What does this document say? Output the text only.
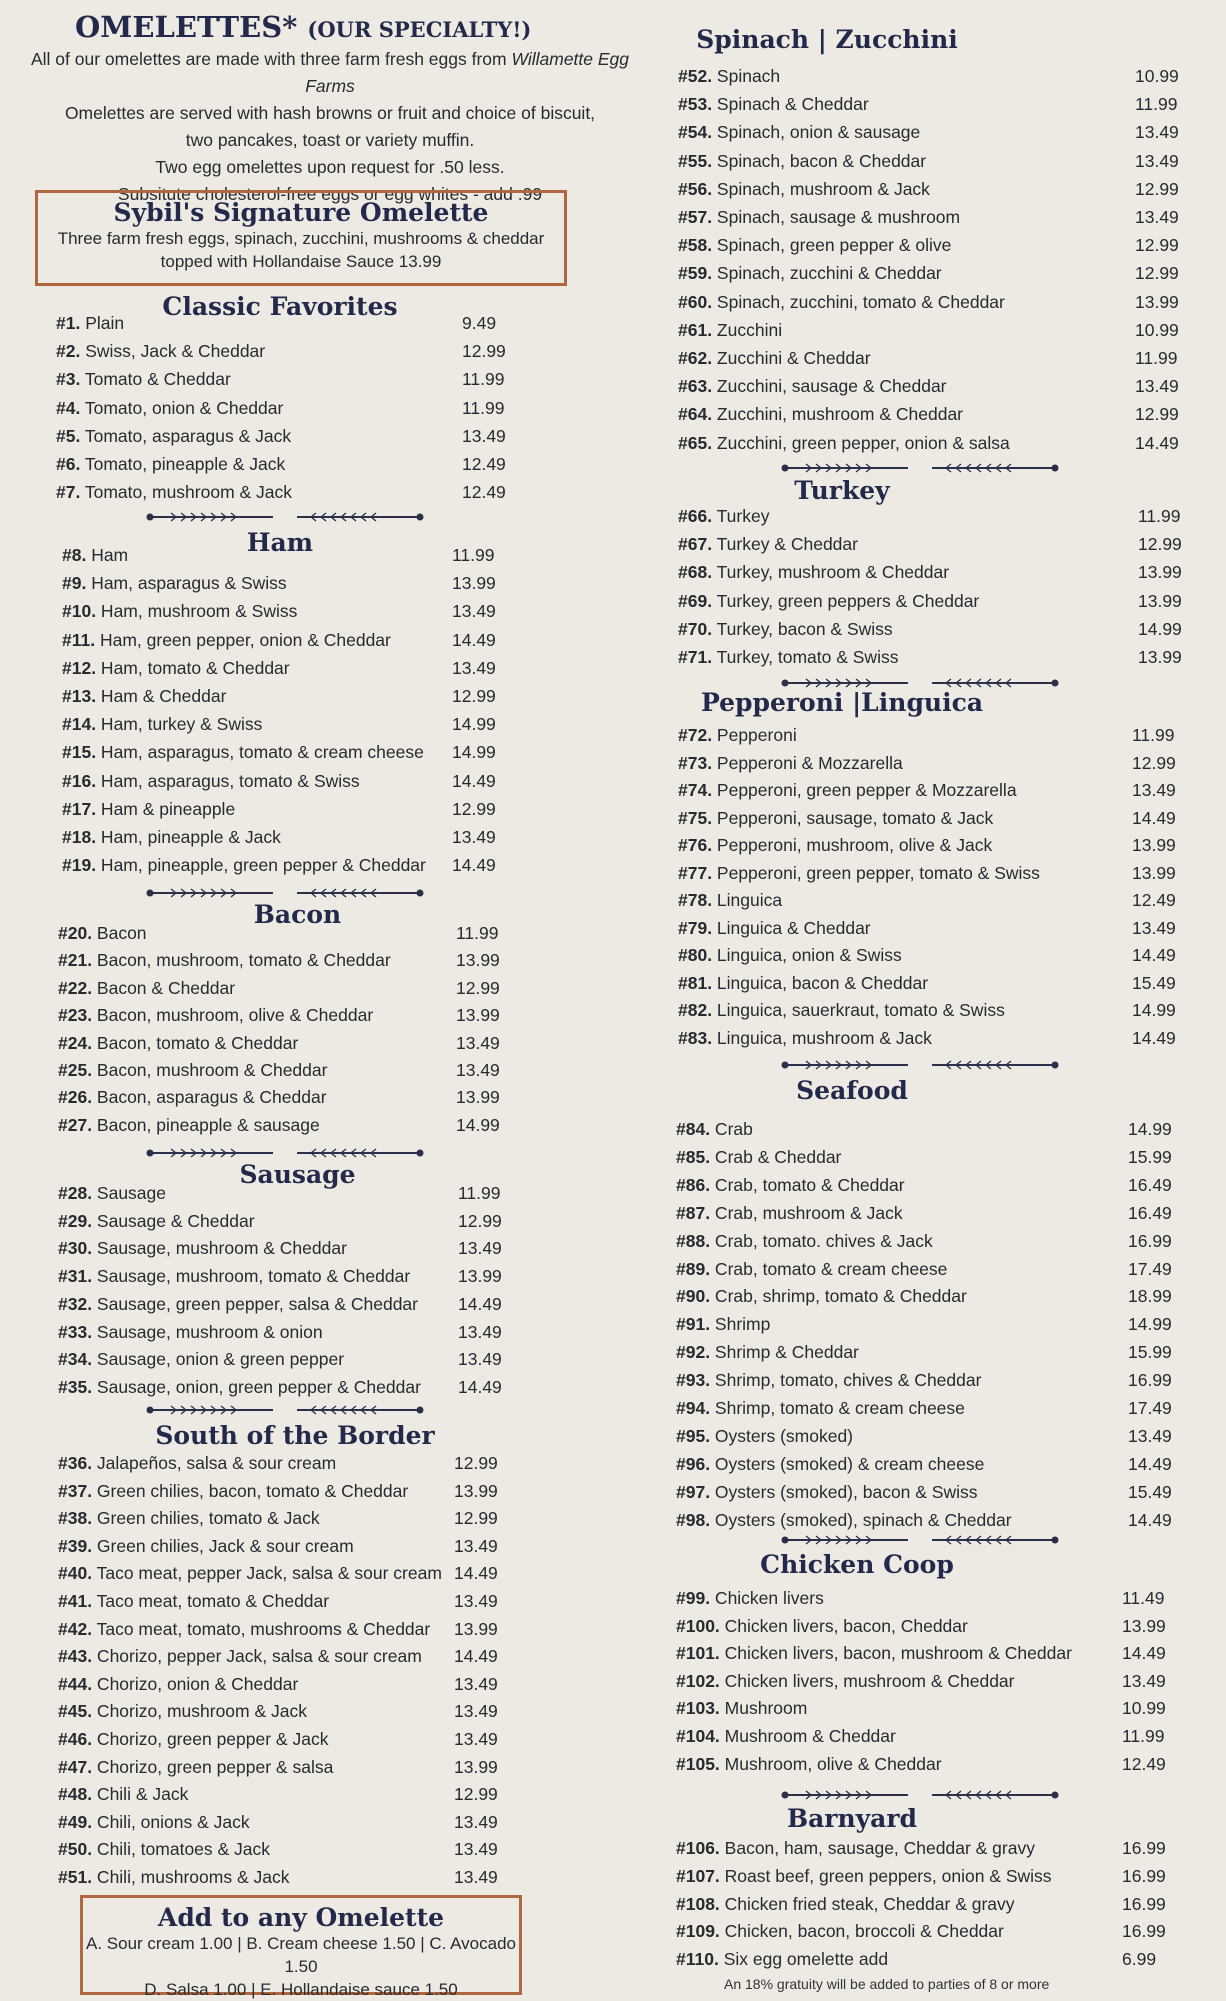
OMELETTES* (OUR SPECIALTY!)
All of our omelettes are made with three farm fresh eggs from Willamette Egg Farms
Omelettes are served with hash browns or fruit and choice of biscuit,
two pancakes, toast or variety muffin.
Two egg omelettes upon request for .50 less.
Subsitute cholesterol-free eggs or egg whites - add .99
Sybil's Signature Omelette
Three farm fresh eggs, spinach, zucchini, mushrooms & cheddar
topped with Hollandaise Sauce 13.99
Add to any Omelette
A. Sour cream 1.00 | B. Cream cheese 1.50 | C. Avocado 1.50
D. Salsa 1.00 | E. Hollandaise sauce 1.50
Classic Favorites
#1. Plain	9.49
#2. Swiss, Jack & Cheddar	12.99
#3. Tomato & Cheddar	11.99
#4. Tomato, onion & Cheddar	11.99
#5. Tomato, asparagus & Jack	13.49
#6. Tomato, pineapple & Jack	12.49
#7. Tomato, mushroom & Jack	12.49
Ham
#8. Ham	11.99
#9. Ham, asparagus & Swiss	13.99
#10. Ham, mushroom & Swiss	13.49
#11. Ham, green pepper, onion & Cheddar	14.49
#12. Ham, tomato & Cheddar	13.49
#13. Ham & Cheddar	12.99
#14. Ham, turkey & Swiss	14.99
#15. Ham, asparagus, tomato & cream cheese 14.99
#16. Ham, asparagus, tomato & Swiss	14.49
#17. Ham & pineapple	12.99
#18. Ham, pineapple & Jack	13.49
#19. Ham, pineapple, green pepper & Cheddar 14.49
Bacon
#20. Bacon	11.99
#21. Bacon, mushroom, tomato & Cheddar	13.99
#22. Bacon & Cheddar	12.99
#23. Bacon, mushroom, olive & Cheddar	13.99
#24. Bacon, tomato & Cheddar	13.49
#25. Bacon, mushroom & Cheddar	13.49
#26. Bacon, asparagus & Cheddar	13.99
#27. Bacon, pineapple & sausage	14.99
Sausage
#28. Sausage	11.99
#29. Sausage & Cheddar	12.99
#30. Sausage, mushroom & Cheddar	13.49
#31. Sausage, mushroom, tomato & Cheddar	13.99
#32. Sausage, green pepper, salsa & Cheddar 14.49
#33. Sausage, mushroom & onion	13.49
#34. Sausage, onion & green pepper	13.49
#35. Sausage, onion, green pepper & Cheddar 14.49
South of the Border
#36. Jalapeños, salsa & sour cream	12.99
#37. Green chilies, bacon, tomato & Cheddar	13.99
#38. Green chilies, tomato & Jack	12.99
#39. Green chilies, Jack & sour cream	13.49
#40. Taco meat, pepper Jack, salsa & sour cream 14.49
#41. Taco meat, tomato & Cheddar	13.49
#42. Taco meat, tomato, mushrooms & Cheddar 13.99
#43. Chorizo, pepper Jack, salsa & sour cream 14.49
#44. Chorizo, onion & Cheddar	13.49
#45. Chorizo, mushroom & Jack	13.49
#46. Chorizo, green pepper & Jack	13.49
#47. Chorizo, green pepper & salsa	13.99
#48. Chili & Jack	12.99
#49. Chili, onions & Jack	13.49
#50. Chili, tomatoes & Jack	13.49
#51. Chili, mushrooms & Jack	13.49
An 18% gratuity will be added to parties of 8 or more
Spinach | Zucchini
#52. Spinach	10.99
#53. Spinach & Cheddar	11.99
#54. Spinach, onion & sausage	13.49
#55. Spinach, bacon & Cheddar	13.49
#56. Spinach, mushroom & Jack	12.99
#57. Spinach, sausage & mushroom	13.49
#58. Spinach, green pepper & olive	12.99
#59. Spinach, zucchini & Cheddar	12.99
#60. Spinach, zucchini, tomato & Cheddar	13.99
#61. Zucchini	10.99
#62. Zucchini & Cheddar	11.99
#63. Zucchini, sausage & Cheddar	13.49
#64. Zucchini, mushroom & Cheddar	12.99
#65. Zucchini, green pepper, onion & salsa	14.49
Turkey
#66. Turkey	11.99
#67. Turkey & Cheddar	12.99
#68. Turkey, mushroom & Cheddar	13.99
#69. Turkey, green peppers & Cheddar	13.99
#70. Turkey, bacon & Swiss	14.99
#71. Turkey, tomato & Swiss	13.99
Pepperoni |Linguica
#72. Pepperoni	11.99
#73. Pepperoni & Mozzarella	12.99
#74. Pepperoni, green pepper & Mozzarella	13.49
#75. Pepperoni, sausage, tomato & Jack	14.49
#76. Pepperoni, mushroom, olive & Jack	13.99
#77. Pepperoni, green pepper, tomato & Swiss	13.99
#78. Linguica	12.49
#79. Linguica & Cheddar	13.49
#80. Linguica, onion & Swiss	14.49
#81. Linguica, bacon & Cheddar	15.49
#82. Linguica, sauerkraut, tomato & Swiss	14.99
#83. Linguica, mushroom & Jack	14.49
Seafood
#84. Crab	14.99
#85. Crab & Cheddar	15.99
#86. Crab, tomato & Cheddar	16.49
#87. Crab, mushroom & Jack	16.49
#88. Crab, tomato. chives & Jack	16.99
#89. Crab, tomato & cream cheese	17.49
#90. Crab, shrimp, tomato & Cheddar	18.99
#91. Shrimp	14.99
#92. Shrimp & Cheddar	15.99
#93. Shrimp, tomato, chives & Cheddar	16.99
#94. Shrimp, tomato & cream cheese	17.49
#95. Oysters (smoked)	13.49
#96. Oysters (smoked) & cream cheese	14.49
#97. Oysters (smoked), bacon & Swiss	15.49
#98. Oysters (smoked), spinach & Cheddar	14.49
Chicken Coop
#99. Chicken livers	11.49
#100. Chicken livers, bacon, Cheddar	13.99
#101. Chicken livers, bacon, mushroom & Cheddar	14.49
#102. Chicken livers, mushroom & Cheddar	13.49
#103. Mushroom	10.99
#104. Mushroom & Cheddar	11.99
#105. Mushroom, olive & Cheddar	12.49
Barnyard
#106. Bacon, ham, sausage, Cheddar & gravy	16.99
#107. Roast beef, green peppers, onion & Swiss	16.99
#108. Chicken fried steak, Cheddar & gravy	16.99
#109. Chicken, bacon, broccoli & Cheddar	16.99
#110. Six egg omelette add	6.99
